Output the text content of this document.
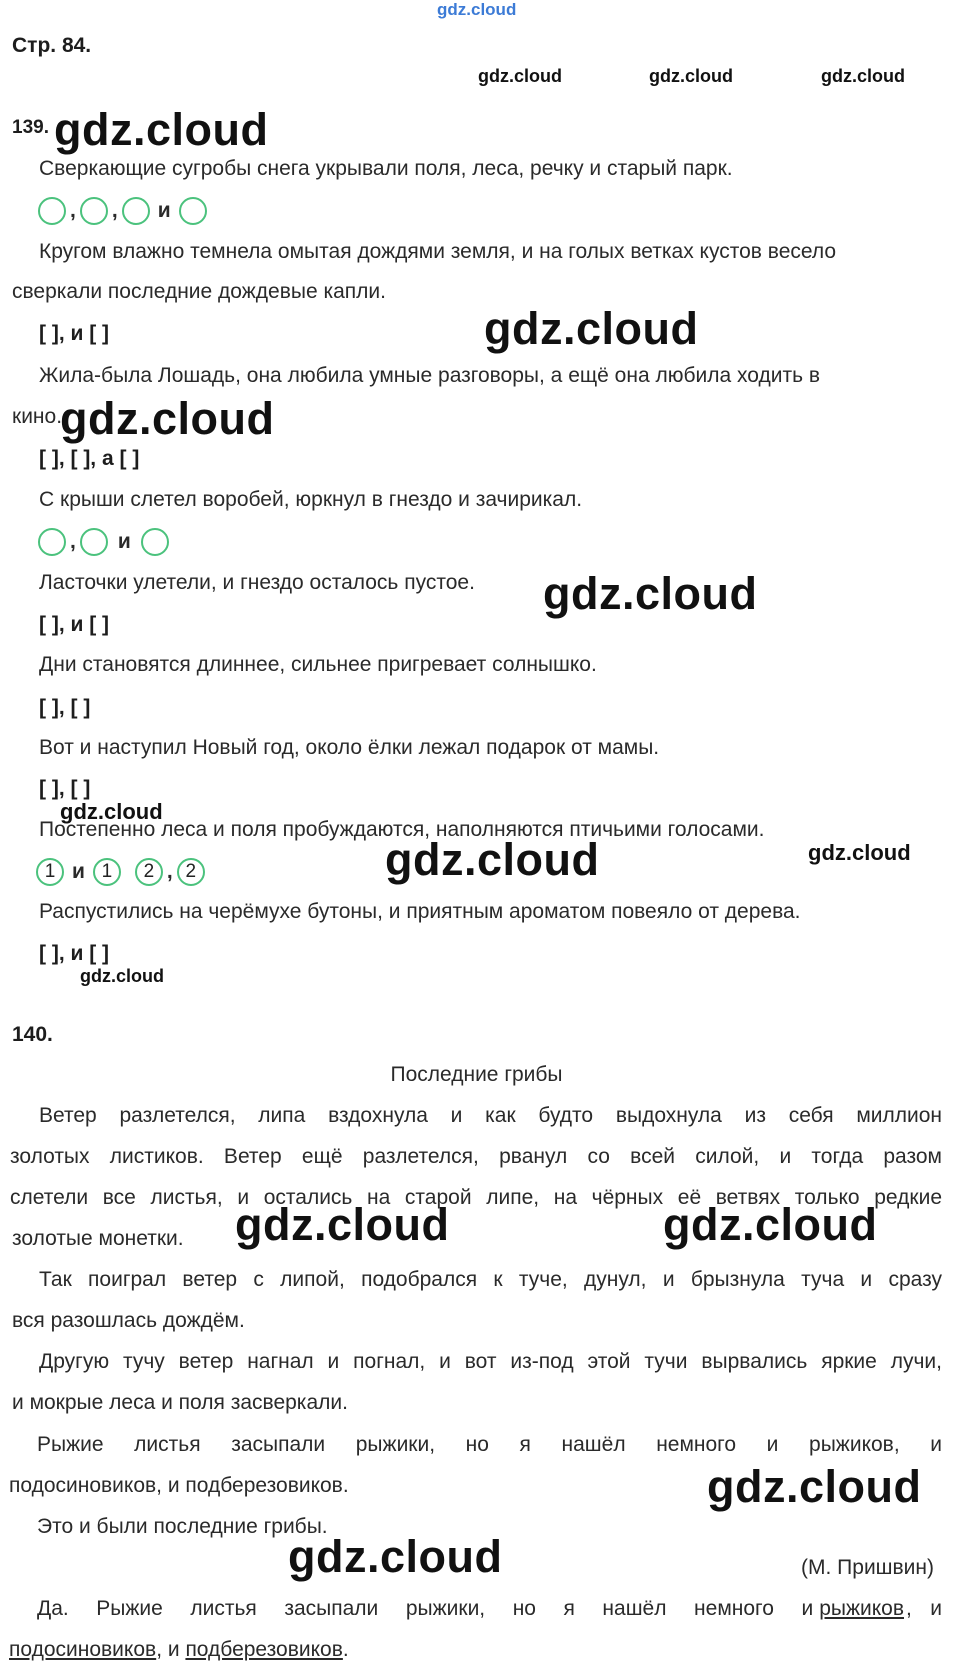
gdz.cloud
Стр. 84.
gdz.cloud	gdz.cloud	gdz.cloud
139. gdz.cloud
Сверкающие сугробы снега укрывали поля, леса, речку и старый парк.
, ○ , ○ и
Кругом влажно темнела омытая дождями земля, и на голых ветках кустов весело
сверкали последние дождевые капли.
[ ], и [ ]	gdz.cloud
Жила-была Лошадь, она любила умные разговоры, а ещё она любила ходить в
кино.
gdz.cloud
[ ], [ ], а [ ]
С крыши слетел воробей, юркнул в гнездо и зачирикал.
, ○ и
Ласточки улетели, и гнездо осталось пустое. gdz.cloud
[ ], и [ ]
Дни становятся длиннее, сильнее пригревает солнышко.
[ ], [ ]
Вот и наступил Новый год, около ёлки лежал подарок от мамы.
[ ], [ ]
gdz.cloud
Постепенно леса и поля пробуждаются, наполняются птичьими голосами.
gdz.cloud
1 и 1 2 , 2	gdz.cloud
Распустились на черёмухе бутоны, и приятным ароматом повеяло от дерева.
[ ], и [ ]
gdz.cloud
140.
Последние грибы
Ветер разлетелся, липа вздохнула и как будто выдохнула из себя миллион
золотых листиков. Ветер ещё разлетелся, рванул со всей силой, и тогда разом
слетели все листья, и остались на старой липе, на чёрных её ветвях только редкие
золотые монетки. gdz.cloud	gdz.cloud
Так поиграл ветер с липой, подобрался к туче, дунул, и брызнула туча и сразу
вся разошлась дождём.
Другую тучу ветер нагнал и погнал, и вот из-под этой тучи вырвались яркие лучи,
и мокрые леса и поля засверкали.
Рыжие листья засыпали рыжики, но я нашёл немного и рыжиков, и
подосиновиков, и подберезовиков.	gdz.cloud
Это и были последние грибы.
gdz.cloud	(М. Пришвин)
Да. Рыжие листья засыпали рыжики, но я нашёл немного и рыжиков , и
подосиновиков, и подберезовиков.
